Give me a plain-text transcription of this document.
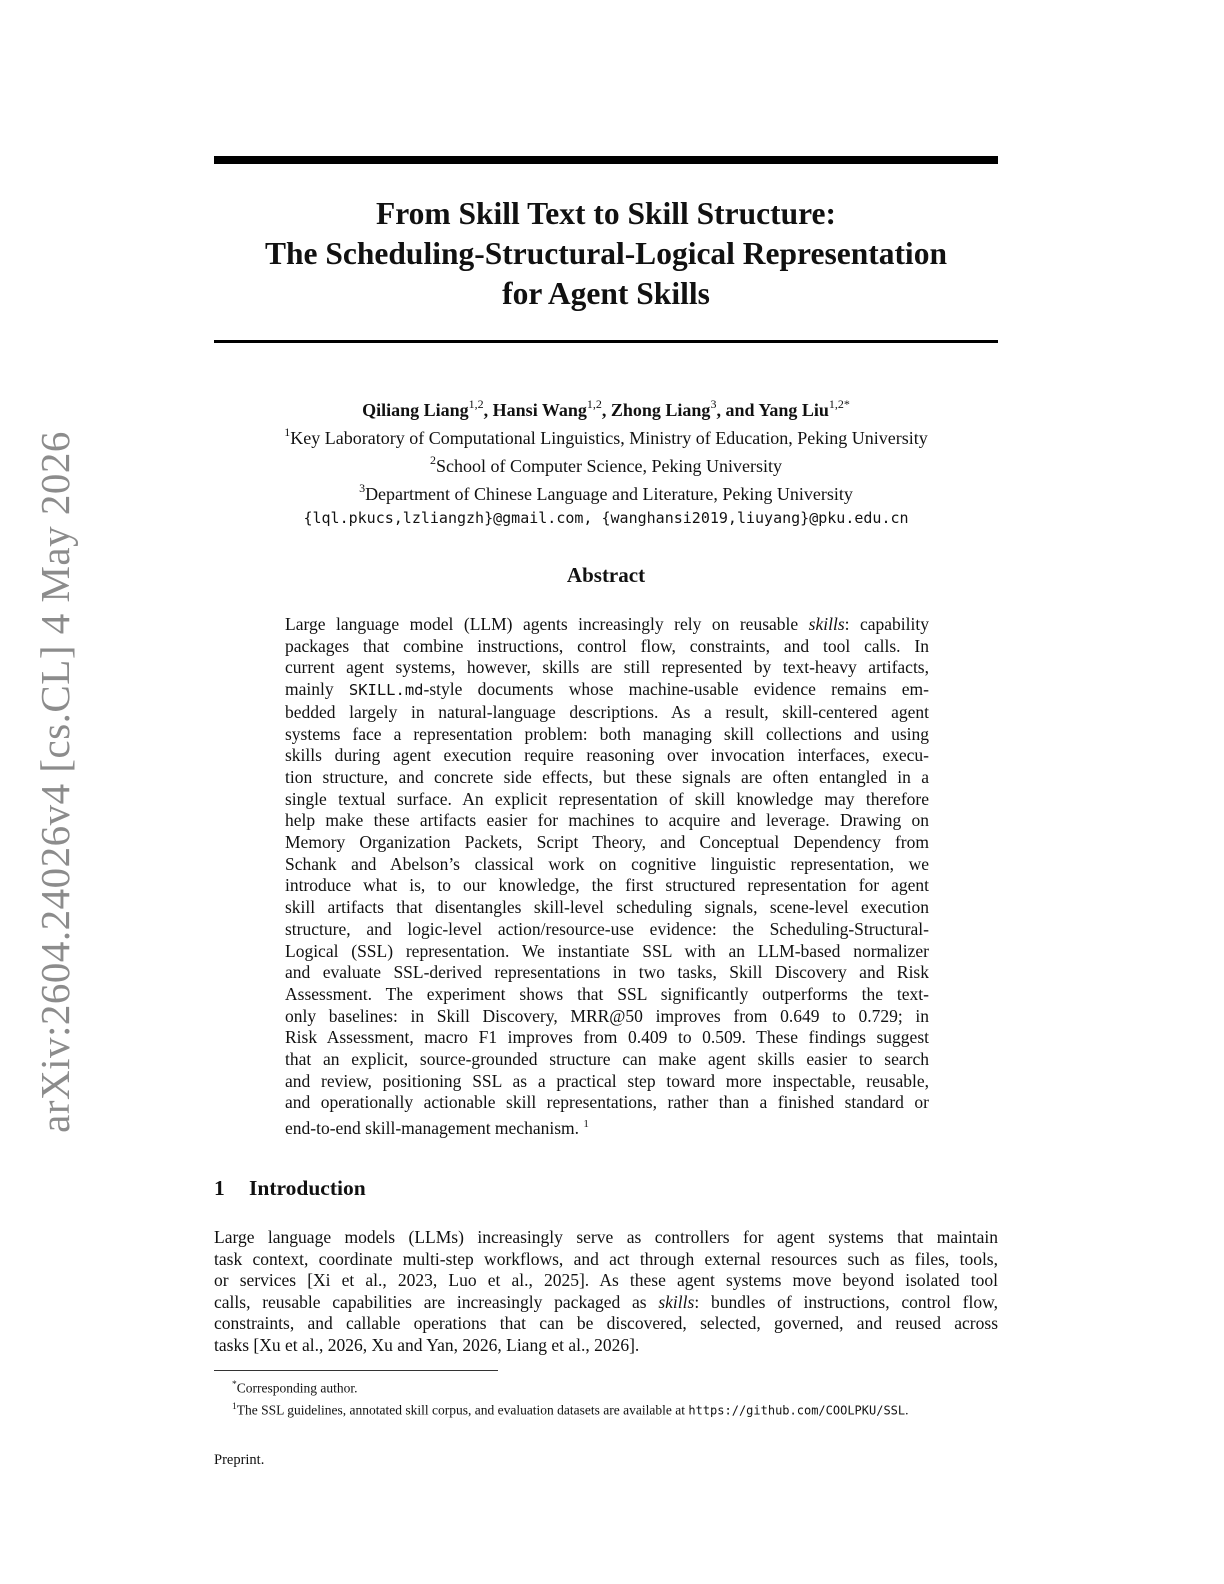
arXiv:2604.24026v4 [cs.CL] 4 May 2026
From Skill Text to Skill Structure:
The Scheduling-Structural-Logical Representation
for Agent Skills
Qiliang Liang$^{1,2}$, Hansi Wang$^{1,2}$, Zhong Liang$^3$, and Yang Liu$^{1,2*}$
$^1$Key Laboratory of Computational Linguistics, Ministry of Education, Peking University
$^2$School of Computer Science, Peking University
$^3$Department of Chinese Language and Literature, Peking University
{lql.pkucs,lzliangzh}@gmail.com, {wanghansi2019,liuyang}@pku.edu.cn
Abstract
Large language model (LLM) agents increasingly rely on reusable skills: capability
packages that combine instructions, control flow, constraints, and tool calls. In
current agent systems, however, skills are still represented by text-heavy artifacts,
mainly SKILL.md-style documents whose machine-usable evidence remains em-
bedded largely in natural-language descriptions. As a result, skill-centered agent
systems face a representation problem: both managing skill collections and using
skills during agent execution require reasoning over invocation interfaces, execu-
tion structure, and concrete side effects, but these signals are often entangled in a
single textual surface. An explicit representation of skill knowledge may therefore
help make these artifacts easier for machines to acquire and leverage. Drawing on
Memory Organization Packets, Script Theory, and Conceptual Dependency from
Schank and Abelson’s classical work on cognitive linguistic representation, we
introduce what is, to our knowledge, the first structured representation for agent
skill artifacts that disentangles skill-level scheduling signals, scene-level execution
structure, and logic-level action/resource-use evidence: the Scheduling-Structural-
Logical (SSL) representation. We instantiate SSL with an LLM-based normalizer
and evaluate SSL-derived representations in two tasks, Skill Discovery and Risk
Assessment. The experiment shows that SSL significantly outperforms the text-
only baselines: in Skill Discovery, MRR@50 improves from 0.649 to 0.729; in
Risk Assessment, macro F1 improves from 0.409 to 0.509. These findings suggest
that an explicit, source-grounded structure can make agent skills easier to search
and review, positioning SSL as a practical step toward more inspectable, reusable,
and operationally actionable skill representations, rather than a finished standard or
end-to-end skill-management mechanism. $^1$
1 Introduction
Large language models (LLMs) increasingly serve as controllers for agent systems that maintain
task context, coordinate multi-step workflows, and act through external resources such as files, tools,
or services [Xi et al., 2023, Luo et al., 2025]. As these agent systems move beyond isolated tool
calls, reusable capabilities are increasingly packaged as skills: bundles of instructions, control flow,
constraints, and callable operations that can be discovered, selected, governed, and reused across
tasks [Xu et al., 2026, Xu and Yan, 2026, Liang et al., 2026].
*Corresponding author.
$^1$The SSL guidelines, annotated skill corpus, and evaluation datasets are available at https://github.com/COOLPKU/SSL.
Preprint.
